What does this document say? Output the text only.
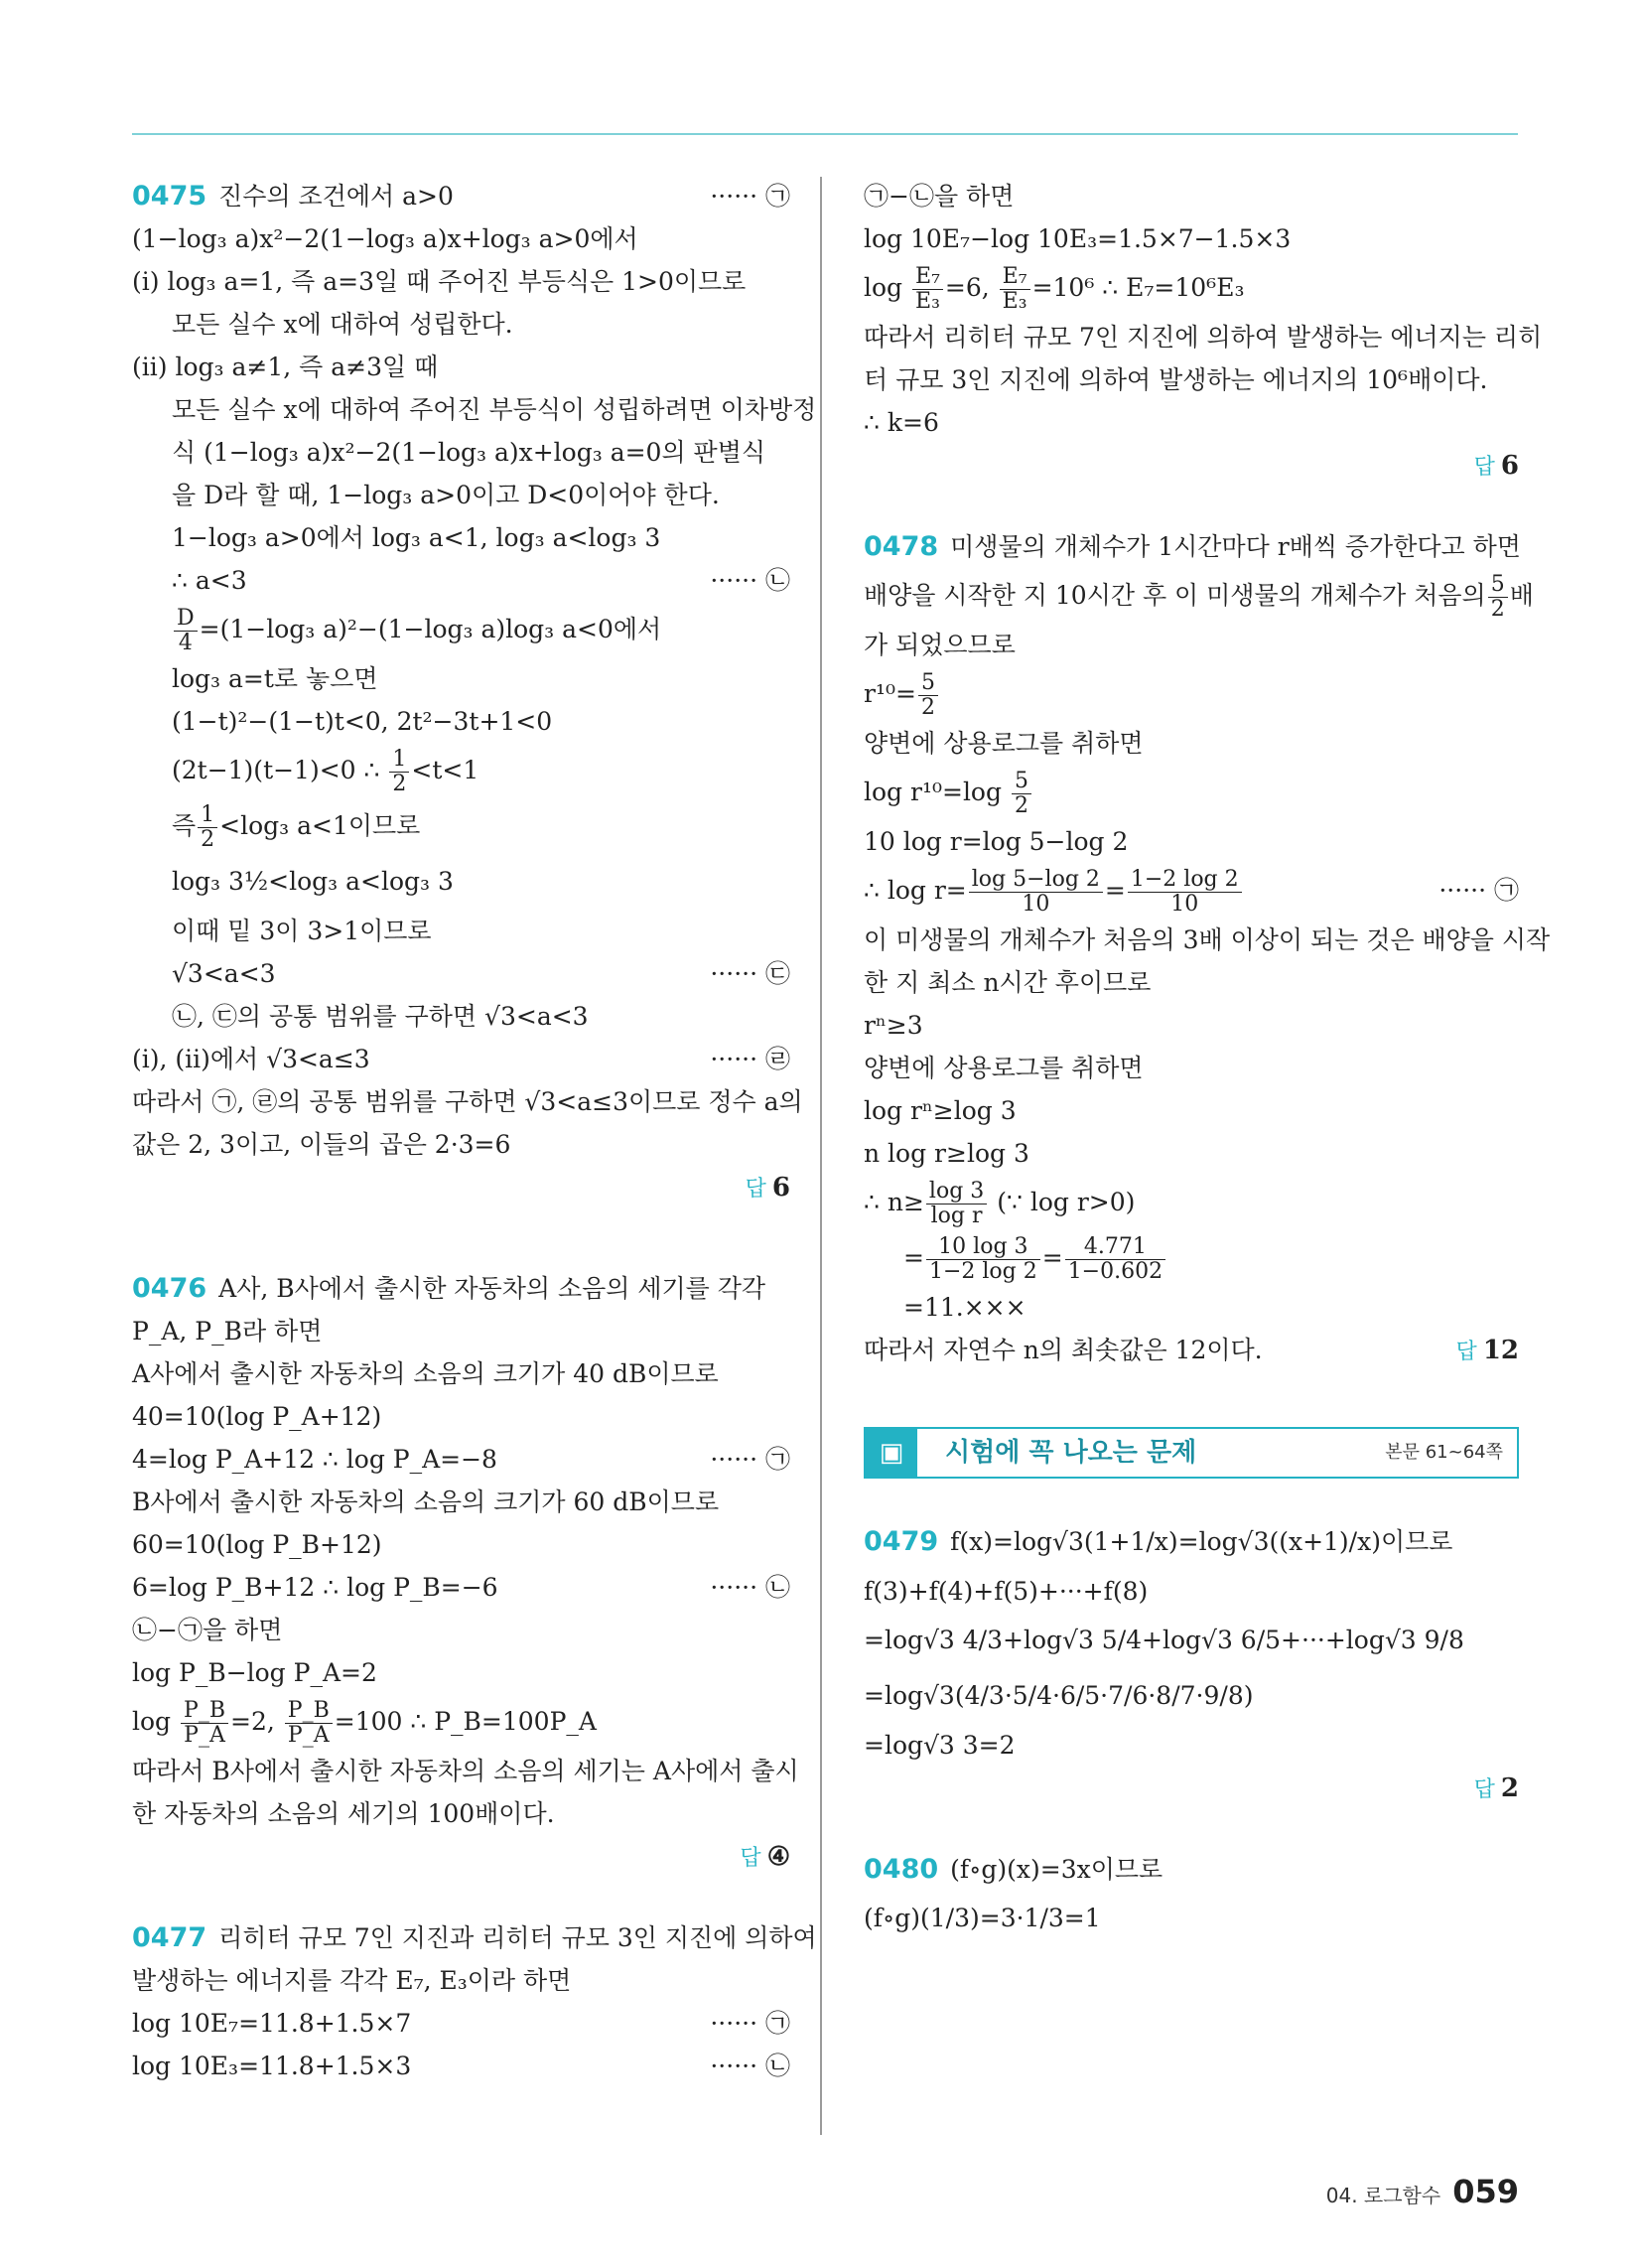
0475 진수의 조건에서 a>0	······ ㉠
(1−log₃ a)x²−2(1−log₃ a)x+log₃ a>0에서
(ⅰ) log₃ a=1, 즉 a=3일 때 주어진 부등식은 1>0이므로
모든 실수 x에 대하여 성립한다.
(ⅱ) log₃ a≠1, 즉 a≠3일 때
모든 실수 x에 대하여 주어진 부등식이 성립하려면 이차방정
식 (1−log₃ a)x²−2(1−log₃ a)x+log₃ a=0의 판별식
을 D라 할 때, 1−log₃ a>0이고 D<0이어야 한다.
1−log₃ a>0에서 log₃ a<1, log₃ a<log₃ 3
∴ a<3	······ ㉡
$\frac{D}{4} =(1-\log_3$ a)²−(1−log₃ a)log₃ a<0에서
log₃ a=t로 놓으면
(1−t)²−(1−t)t<0, 2t²−3t+1<0
(2t−1)(t−1)<0 ∴ $\frac{1}{2} <t<1$
즉 $\frac{1}{2} <\log_3$ a<1이므로
log₃ 3½<log₃ a<log₃ 3
이때 밑 3이 3>1이므로
√3<a<3	······ ㉢
㉡, ㉢의 공통 범위를 구하면 √3<a<3
(ⅰ), (ⅱ)에서 √3<a≤3	······ ㉣
따라서 ㉠, ㉣의 공통 범위를 구하면 √3<a≤3이므로 정수 a의
값은 2, 3이고, 이들의 곱은 2·3=6
답 6
0476 A사, B사에서 출시한 자동차의 소음의 세기를 각각
P_A, P_B라 하면
A사에서 출시한 자동차의 소음의 크기가 40 dB이므로
40=10(log P_A+12)
4=log P_A+12 ∴ log P_A=−8	······ ㉠
B사에서 출시한 자동차의 소음의 크기가 60 dB이므로
60=10(log P_B+12)
6=log P_B+12 ∴ log P_B=−6	······ ㉡
㉡−㉠을 하면
log P_B−log P_A=2
$\log \frac{P\_B}{P\_A} =2$, $\frac{P\_B}{P\_A} =100$ ∴ P_B=100P_A
따라서 B사에서 출시한 자동차의 소음의 세기는 A사에서 출시
한 자동차의 소음의 세기의 100배이다.
답 ④
0477 리히터 규모 7인 지진과 리히터 규모 3인 지진에 의하여
발생하는 에너지를 각각 E₇, E₃이라 하면
log 10E₇=11.8+1.5×7	······ ㉠
log 10E₃=11.8+1.5×3	······ ㉡
㉠−㉡을 하면
log 10E₇−log 10E₃=1.5×7−1.5×3
$\log \frac{\text{E₇}}{\text{E₃}} =6$, $\frac{\text{E₇}}{\text{E₃}} =10^6$ ∴ E₇=10⁶E₃
따라서 리히터 규모 7인 지진에 의하여 발생하는 에너지는 리히
터 규모 3인 지진에 의하여 발생하는 에너지의 10⁶배이다.
∴ k=6
답 6
0478 미생물의 개체수가 1시간마다 r배씩 증가한다고 하면
배양을 시작한 지 10시간 후 이 미생물의 개체수가 처음의 $\frac{5}{2}$ 배
가 되었으므로
$r^{10}= \frac{5}{2}$
양변에 상용로그를 취하면
$\log r^{10}=\log \frac{5}{2}$
10 log r=log 5−log 2
∴ $\log r= \frac{\log 5-\log 2}{10} = \frac{1-2 \log 2}{10}$	······ ㉠
이 미생물의 개체수가 처음의 3배 이상이 되는 것은 배양을 시작
한 지 최소 n시간 후이므로
rⁿ≥3
양변에 상용로그를 취하면
log rⁿ≥log 3
n log r≥log 3
∴ $n\ge \frac{\log 3}{\text{log r}}$ (∵ log r>0)
= $\frac{10 \log 3}{1-2 \log 2} = \frac{4.771}{1-0.602}$
=11.×××
따라서 자연수 n의 최솟값은 12이다.	답 12
▣	시험에 꼭 나오는 문제	본문 61~64쪽
0479 f(x)=log√3(1+1/x)=log√3((x+1)/x)이므로
f(3)+f(4)+f(5)+···+f(8)
=log√3 4/3+log√3 5/4+log√3 6/5+···+log√3 9/8
=log√3(4/3·5/4·6/5·7/6·8/7·9/8)
=log√3 3=2
답 2
0480 (f∘g)(x)=3x이므로
(f∘g)(1/3)=3·1/3=1
04. 로그함수 059
